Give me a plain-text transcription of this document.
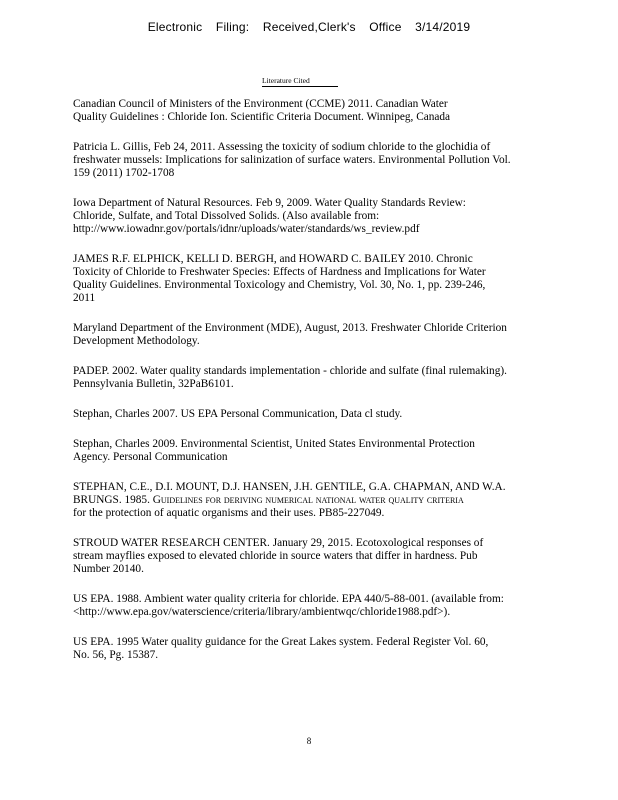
Electronic Filing: Received,Clerk's Office 3/14/2019
Literature Cited
Canadian Council of Ministers of the Environment (CCME) 2011. Canadian Water
Quality Guidelines : Chloride Ion. Scientific Criteria Document. Winnipeg, Canada
Patricia L. Gillis, Feb 24, 2011. Assessing the toxicity of sodium chloride to the glochidia of
freshwater mussels: Implications for salinization of surface waters. Environmental Pollution Vol.
159 (2011) 1702-1708
Iowa Department of Natural Resources. Feb 9, 2009. Water Quality Standards Review:
Chloride, Sulfate, and Total Dissolved Solids. (Also available from:
http://www.iowadnr.gov/portals/idnr/uploads/water/standards/ws_review.pdf
JAMES R.F. ELPHICK, KELLI D. BERGH, and HOWARD C. BAILEY 2010. Chronic
Toxicity of Chloride to Freshwater Species: Effects of Hardness and Implications for Water
Quality Guidelines. Environmental Toxicology and Chemistry, Vol. 30, No. 1, pp. 239-246,
2011
Maryland Department of the Environment (MDE), August, 2013. Freshwater Chloride Criterion
Development Methodology.
PADEP. 2002. Water quality standards implementation - chloride and sulfate (final rulemaking).
Pennsylvania Bulletin, 32PaB6101.
Stephan, Charles 2007. US EPA Personal Communication, Data cl study.
Stephan, Charles 2009. Environmental Scientist, United States Environmental Protection
Agency. Personal Communication
STEPHAN, C.E., D.I. MOUNT, D.J. HANSEN, J.H. GENTILE, G.A. CHAPMAN, AND W.A.
BRUNGS. 1985. Guidelines for deriving numerical national water quality criteria
for the protection of aquatic organisms and their uses. PB85-227049.
STROUD WATER RESEARCH CENTER. January 29, 2015. Ecotoxological responses of
stream mayflies exposed to elevated chloride in source waters that differ in hardness. Pub
Number 20140.
US EPA. 1988. Ambient water quality criteria for chloride. EPA 440/5-88-001. (available from:
<http://www.epa.gov/waterscience/criteria/library/ambientwqc/chloride1988.pdf>).
US EPA. 1995 Water quality guidance for the Great Lakes system. Federal Register Vol. 60,
No. 56, Pg. 15387.
8
